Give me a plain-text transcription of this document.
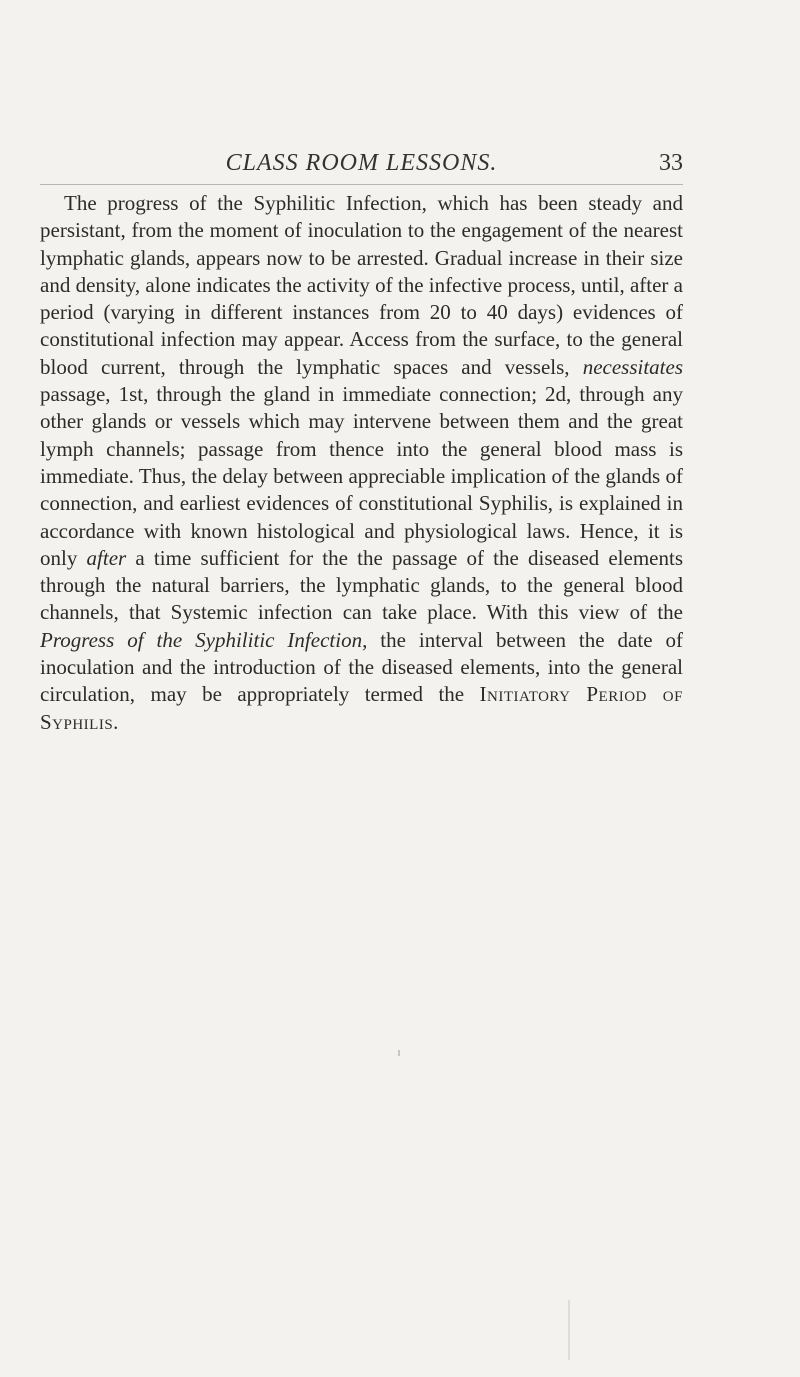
CLASS ROOM LESSONS.	33

The progress of the Syphilitic Infection, which has been steady and persistant, from the moment of inoculation to the engagement of the nearest lymphatic glands, appears now to be arrested. Gradual increase in their size and density, alone indicates the activity of the infective process, until, after a period (varying in different instances from 20 to 40 days) evidences of constitutional infection may appear. Access from the surface, to the general blood current, through the lymphatic spaces and vessels, necessitates passage, 1st, through the gland in immediate connection; 2d, through any other glands or vessels which may intervene between them and the great lymph channels; passage from thence into the general blood mass is immediate. Thus, the delay between appreciable implication of the glands of connection, and earliest evidences of constitutional Syphilis, is explained in accordance with known histological and physiological laws. Hence, it is only after a time sufficient for the the passage of the diseased elements through the natural barriers, the lymphatic glands, to the general blood channels, that Systemic infection can take place. With this view of the Progress of the Syphilitic Infection, the interval between the date of inoculation and the introduction of the diseased elements, into the general circulation, may be appropriately termed the Initiatory Period of Syphilis.
